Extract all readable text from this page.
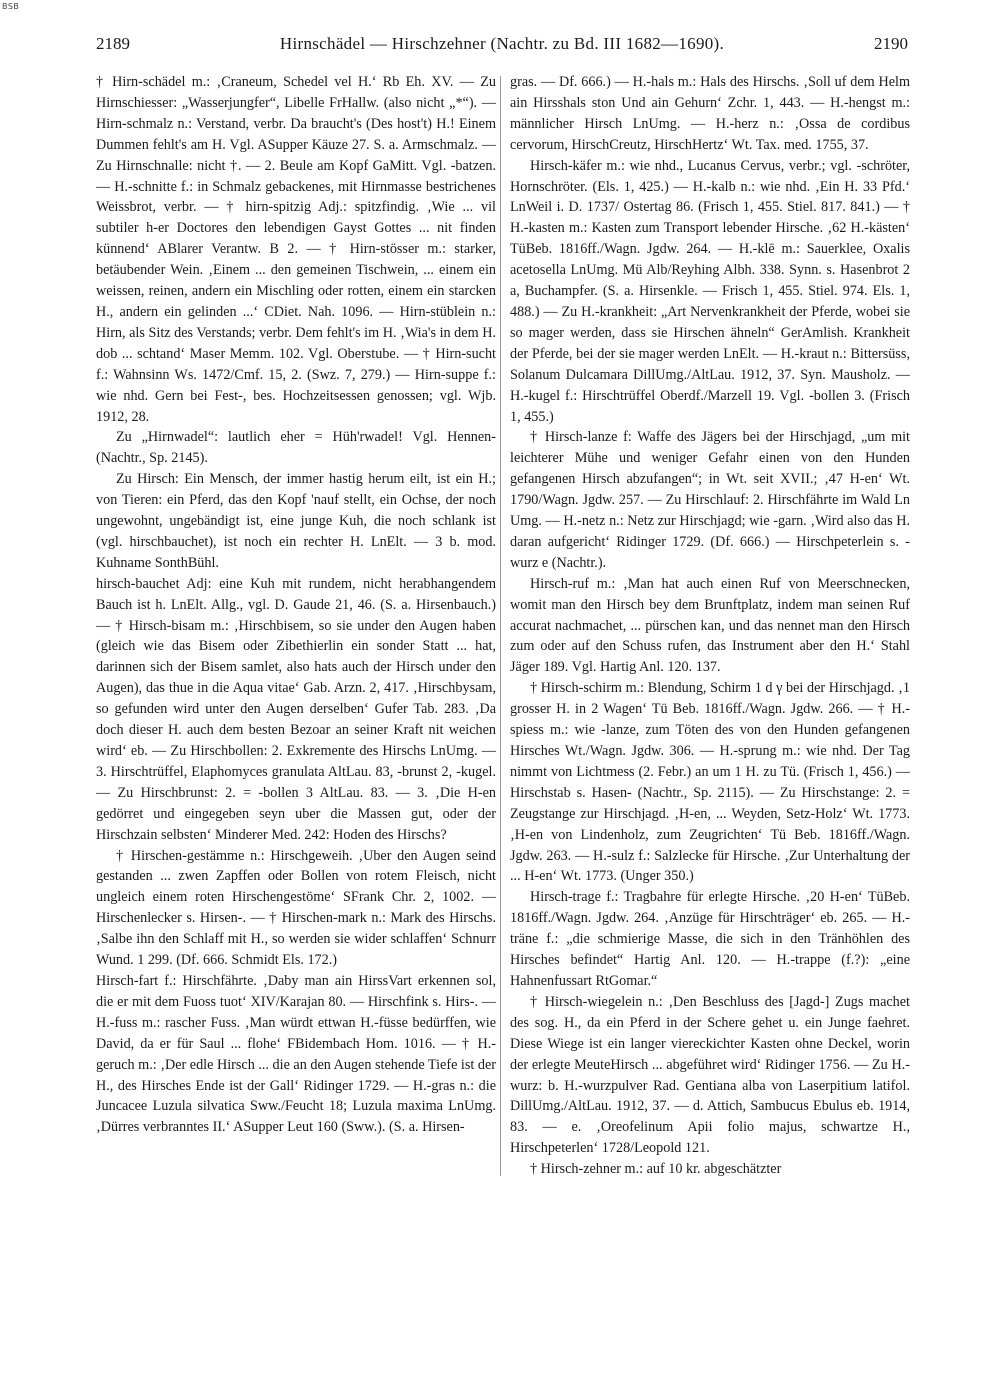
BSB
2189	Hirnschädel — Hirschzehner (Nachtr. zu Bd. III 1682—1690).	2190

† Hirn-schädel m.: ‚Craneum, Schedel vel H.‘ Rb Eh. XV. — Zu Hirnschiesser: „Wasserjungfer“, Libelle FrHallw. (also nicht „*“). — Hirn-schmalz n.: Verstand, verbr. Da braucht's (Des host't) H.! Einem Dummen fehlt's am H. Vgl. ASupper Käuze 27. S. a. Armschmalz. — Zu Hirnschnalle: nicht †. — 2. Beule am Kopf GaMitt. Vgl. -batzen. — H.-schnitte f.: in Schmalz gebackenes, mit Hirnmasse bestrichenes Weissbrot, verbr. — † hirn-spitzig Adj.: spitzfindig. ‚Wie ... vil subtiler h-er Doctores den lebendigen Gayst Gottes ... nit finden künnend‘ ABlarer Verantw. B 2. — † Hirn-stösser m.: starker, betäubender Wein. ‚Einem ... den gemeinen Tischwein, ... einem ein weissen, reinen, andern ein Mischling oder rotten, einem ein starcken H., andern ein gelinden ...‘ CDiet. Nah. 1096. — Hirn-stüblein n.: Hirn, als Sitz des Verstands; verbr. Dem fehlt's im H. ‚Wia's in dem H. dob ... schtand‘ Maser Memm. 102. Vgl. Oberstube. — † Hirn-sucht f.: Wahnsinn Ws. 1472/Cmf. 15, 2. (Swz. 7, 279.) — Hirn-suppe f.: wie nhd. Gern bei Fest-, bes. Hochzeitsessen genossen; vgl. Wjb. 1912, 28.

Zu „Hirnwadel“: lautlich eher = Hüh'rwadel! Vgl. Hennen- (Nachtr., Sp. 2145).

Zu Hirsch: Ein Mensch, der immer hastig herum eilt, ist ein H.; von Tieren: ein Pferd, das den Kopf 'nauf stellt, ein Ochse, der noch ungewohnt, ungebändigt ist, eine junge Kuh, die noch schlank ist (vgl. hirschbauchet), ist noch ein rechter H. LnElt. — 3 b. mod. Kuhname SonthBühl.

hirsch-bauchet Adj: eine Kuh mit rundem, nicht herabhangendem Bauch ist h. LnElt. Allg., vgl. D. Gaude 21, 46. (S. a. Hirsenbauch.) — † Hirsch-bisam m.: ‚Hirschbisem, so sie under den Augen haben (gleich wie das Bisem oder Zibethierlin ein sonder Statt ... hat, darinnen sich der Bisem samlet, also hats auch der Hirsch under den Augen), das thue in die Aqua vitae‘ Gab. Arzn. 2, 417. ‚Hirschbysam, so gefunden wird unter den Augen derselben‘ Gufer Tab. 283. ‚Da doch dieser H. auch dem besten Bezoar an seiner Kraft nit weichen wird‘ eb. — Zu Hirschbollen: 2. Exkremente des Hirschs LnUmg. — 3. Hirschtrüffel, Elaphomyces granulata AltLau. 83, -brunst 2, -kugel. — Zu Hirschbrunst: 2. = -bollen 3 AltLau. 83. — 3. ‚Die H-en gedörret und eingegeben seyn uber die Massen gut, oder der Hirschzain selbsten‘ Minderer Med. 242: Hoden des Hirschs?

† Hirschen-gestämme n.: Hirschgeweih. ‚Uber den Augen seind gestanden ... zwen Zapffen oder Bollen von rotem Fleisch, nicht ungleich einem roten Hirschengestöme‘ SFrank Chr. 2, 1002. — Hirschenlecker s. Hirsen-. — † Hirschen-mark n.: Mark des Hirschs. ‚Salbe ihn den Schlaff mit H., so werden sie wider schlaffen‘ Schnurr Wund. 1 299. (Df. 666. Schmidt Els. 172.)

Hirsch-fart f.: Hirschfährte. ‚Daby man ain HirssVart erkennen sol, die er mit dem Fuoss tuot‘ XIV/Karajan 80. — Hirschfink s. Hirs-. — H.-fuss m.: rascher Fuss. ‚Man würdt ettwan H.-füsse bedürffen, wie David, da er für Saul ... flohe‘ FBidembach Hom. 1016. — † H.-geruch m.: ‚Der edle Hirsch ... die an den Augen stehende Tiefe ist der H., des Hirsches Ende ist der Gall‘ Ridinger 1729. — H.-gras n.: die Juncacee Luzula silvatica Sww./Feucht 18; Luzula maxima LnUmg. ‚Dürres verbranntes II.‘ ASupper Leut 160 (Sww.). (S. a. Hirsen-

gras. — Df. 666.) — H.-hals m.: Hals des Hirschs. ‚Soll uf dem Helm ain Hirsshals ston Und ain Gehurn‘ Zchr. 1, 443. — H.-hengst m.: männlicher Hirsch LnUmg. — H.-herz n.: ‚Ossa de cordibus cervorum, HirschCreutz, HirschHertz‘ Wt. Tax. med. 1755, 37.

Hirsch-käfer m.: wie nhd., Lucanus Cervus, verbr.; vgl. -schröter, Hornschröter. (Els. 1, 425.) — H.-kalb n.: wie nhd. ‚Ein H. 33 Pfd.‘ LnWeil i. D. 1737/ Ostertag 86. (Frisch 1, 455. Stiel. 817. 841.) — † H.-kasten m.: Kasten zum Transport lebender Hirsche. ‚62 H.-kästen‘ TüBeb. 1816ff./Wagn. Jgdw. 264. — H.-klē m.: Sauerklee, Oxalis acetosella LnUmg. Mü Alb/Reyhing Albh. 338. Synn. s. Hasenbrot 2 a, Buchampfer. (S. a. Hirsenkle. — Frisch 1, 455. Stiel. 974. Els. 1, 488.) — Zu H.-krankheit: „Art Nervenkrankheit der Pferde, wobei sie so mager werden, dass sie Hirschen ähneln“ GerAmlish. Krankheit der Pferde, bei der sie mager werden LnElt. — H.-kraut n.: Bittersüss, Solanum Dulcamara DillUmg./AltLau. 1912, 37. Syn. Mausholz. — H.-kugel f.: Hirschtrüffel Oberdf./Marzell 19. Vgl. -bollen 3. (Frisch 1, 455.)

† Hirsch-lanze f: Waffe des Jägers bei der Hirschjagd, „um mit leichterer Mühe und weniger Gefahr einen von den Hunden gefangenen Hirsch abzufangen“; in Wt. seit XVII.; ‚47 H-en‘ Wt. 1790/Wagn. Jgdw. 257. — Zu Hirschlauf: 2. Hirschfährte im Wald Ln Umg. — H.-netz n.: Netz zur Hirschjagd; wie -garn. ‚Wird also das H. daran aufgericht‘ Ridinger 1729. (Df. 666.) — Hirschpeterlein s. -wurz e (Nachtr.).

Hirsch-ruf m.: ‚Man hat auch einen Ruf von Meerschnecken, womit man den Hirsch bey dem Brunftplatz, indem man seinen Ruf accurat nachmachet, ... pürschen kan, und das nennet man den Hirsch zum oder auf den Schuss rufen, das Instrument aber den H.‘ Stahl Jäger 189. Vgl. Hartig Anl. 120. 137.

† Hirsch-schirm m.: Blendung, Schirm 1 d γ bei der Hirschjagd. ‚1 grosser H. in 2 Wagen‘ Tü Beb. 1816ff./Wagn. Jgdw. 266. — † H.-spiess m.: wie -lanze, zum Töten des von den Hunden gefangenen Hirsches Wt./Wagn. Jgdw. 306. — H.-sprung m.: wie nhd. Der Tag nimmt von Lichtmess (2. Febr.) an um 1 H. zu Tü. (Frisch 1, 456.) — Hirschstab s. Hasen- (Nachtr., Sp. 2115). — Zu Hirschstange: 2. = Zeugstange zur Hirschjagd. ‚H-en, ... Weyden, Setz-Holz‘ Wt. 1773. ‚H-en von Lindenholz, zum Zeugrichten‘ Tü Beb. 1816ff./Wagn. Jgdw. 263. — H.-sulz f.: Salzlecke für Hirsche. ‚Zur Unterhaltung der ... H-en‘ Wt. 1773. (Unger 350.)

Hirsch-trage f.: Tragbahre für erlegte Hirsche. ‚20 H-en‘ TüBeb. 1816ff./Wagn. Jgdw. 264. ‚Anzüge für Hirschträger‘ eb. 265. — H.-träne f.: „die schmierige Masse, die sich in den Tränhöhlen des Hirsches befindet“ Hartig Anl. 120. — H.-trappe (f.?): „eine Hahnenfussart RtGomar.“

† Hirsch-wiegelein n.: ‚Den Beschluss des [Jagd-] Zugs machet des sog. H., da ein Pferd in der Schere gehet u. ein Junge faehret. Diese Wiege ist ein langer viereckichter Kasten ohne Deckel, worin der erlegte MeuteHirsch ... abgeführet wird‘ Ridinger 1756. — Zu H.-wurz: b. H.-wurzpulver Rad. Gentiana alba von Laserpitium latifol. DillUmg./AltLau. 1912, 37. — d. Attich, Sambucus Ebulus eb. 1914, 83. — e. ‚Oreofelinum Apii folio majus, schwartze H., Hirschpeterlen‘ 1728/Leopold 121.

† Hirsch-zehner m.: auf 10 kr. abgeschätzter
